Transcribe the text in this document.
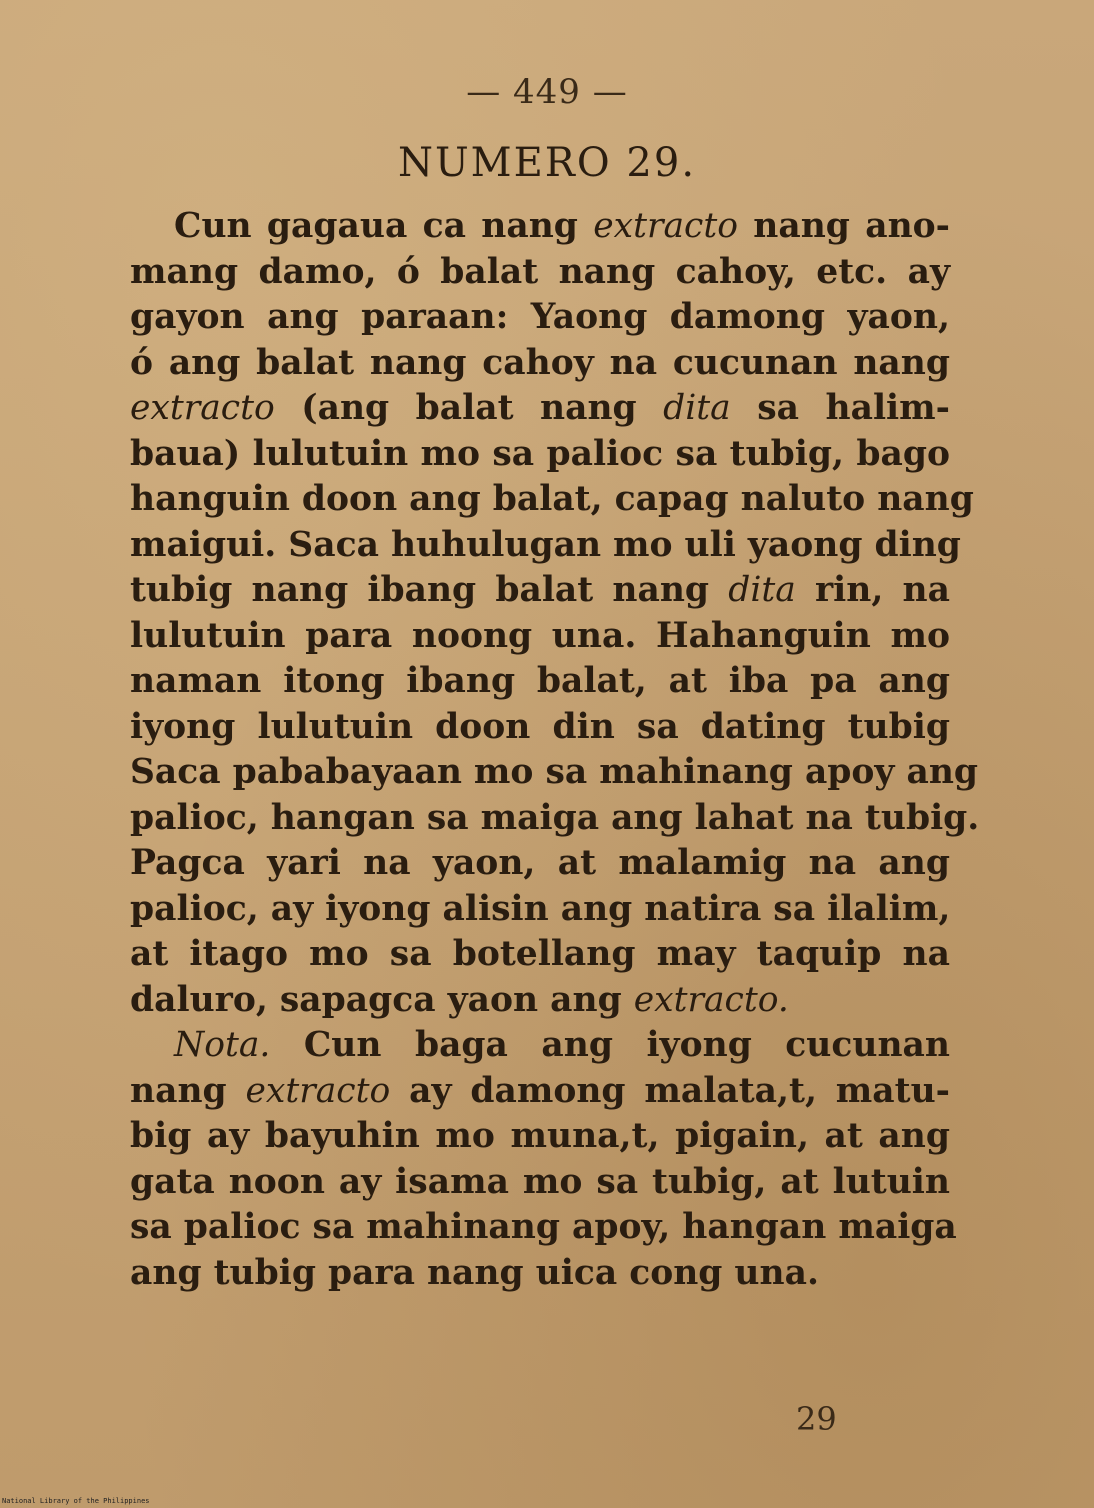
— 449 —
NUMERO 29.
Cun gagaua ca nang extracto nang ano-
mang damo, ó balat nang cahoy, etc. ay
gayon ang paraan: Yaong damong yaon,
ó ang balat nang cahoy na cucunan nang
extracto (ang balat nang dita sa halim-
baua) lulutuin mo sa palioc sa tubig, bago
hanguin doon ang balat, capag naluto nang
maigui. Saca huhulugan mo uli yaong ding
tubig nang ibang balat nang dita rin, na
lulutuin para noong una. Hahanguin mo
naman itong ibang balat, at iba pa ang
iyong lulutuin doon din sa dating tubig
Saca pababayaan mo sa mahinang apoy ang
palioc, hangan sa maiga ang lahat na tubig.
Pagca yari na yaon, at malamig na ang
palioc, ay iyong alisin ang natira sa ilalim,
at itago mo sa botellang may taquip na
daluro, sapagca yaon ang extracto.
Nota. Cun baga ang iyong cucunan
nang extracto ay damong malata,t, matu-
big ay bayuhin mo muna,t, pigain, at ang
gata noon ay isama mo sa tubig, at lutuin
sa palioc sa mahinang apoy, hangan maiga
ang tubig para nang uica cong una.
29
National Library of the Philippines
